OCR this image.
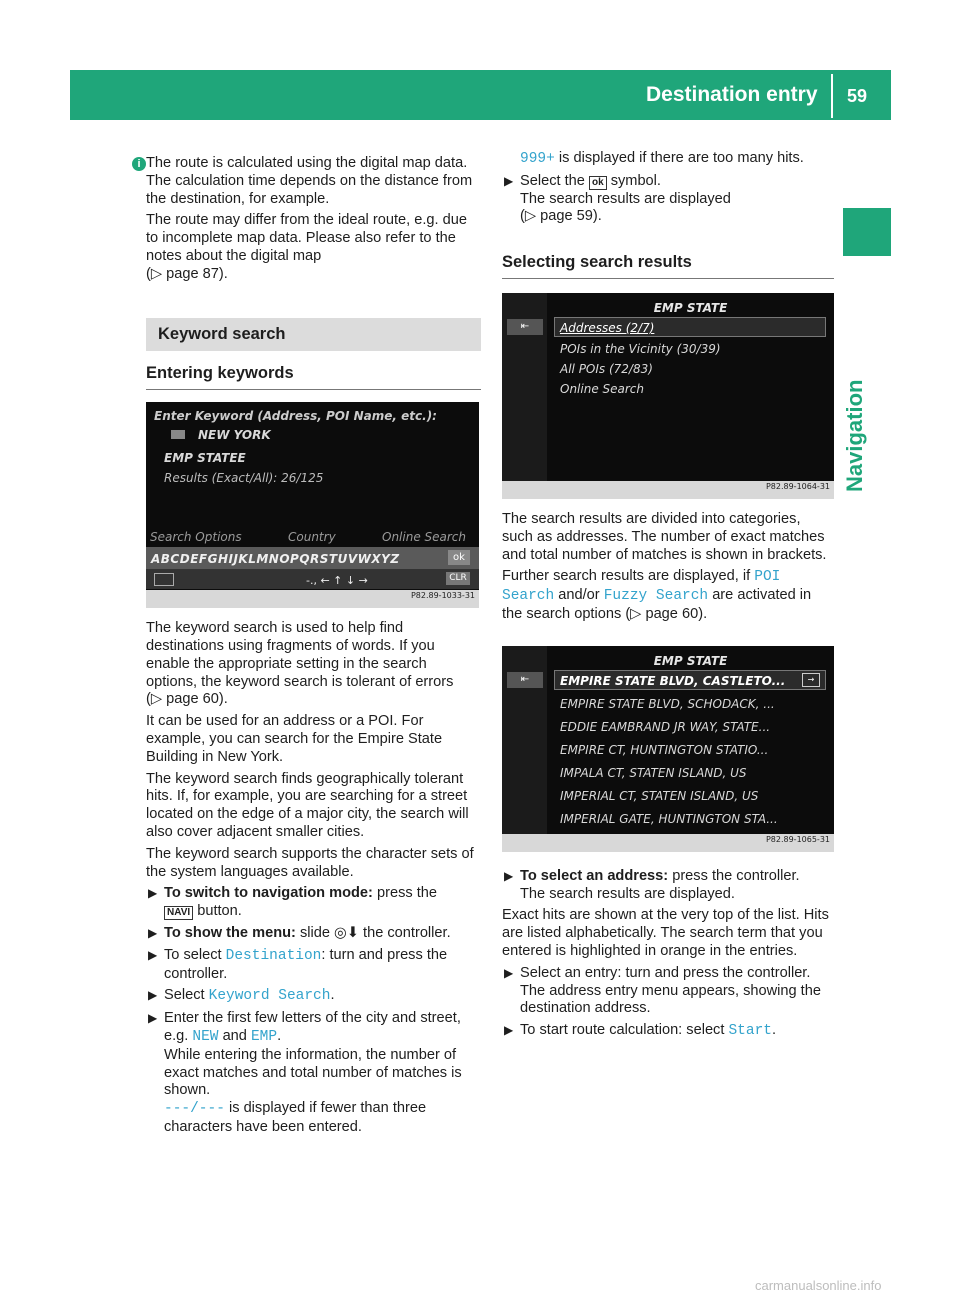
Destination entry 59
Navigation
i The route is calculated using the digital map data. The calculation time depends on the distance from the destination, for example.

The route may differ from the ideal route, e.g. due to incomplete map data. Please also refer to the notes about the digital map
(▷ page 87).

Keyword search
Entering keywords
Enter Keyword (Address, POI Name, etc.):
NEW YORK
EMP STATEE
Results (Exact/All): 26/125
Search Options	Country	Online Search
ABCDEFGHIJKLMNOPQRSTUVWXYZ	ok
-., ← ↑ ↓ →	CLR
P82.89-1033-31

The keyword search is used to help find destinations using fragments of words. If you enable the appropriate setting in the search options, the keyword search is tolerant of errors
(▷ page 60).

It can be used for an address or a POI. For example, you can search for the Empire State Building in New York.

The keyword search finds geographically tolerant hits. If, for example, you are searching for a street located on the edge of a major city, the search will also cover adjacent smaller cities.

The keyword search supports the character sets of the system languages available.

▶ To switch to navigation mode: press the
NAVI button.
▶ To show the menu: slide ◎⬇ the controller.
▶ To select Destination: turn and press the controller.
▶ Select Keyword Search.
▶ Enter the first few letters of the city and street, e.g. NEW and EMP.
While entering the information, the number of exact matches and total number of matches is shown.
---/--- is displayed if fewer than three characters have been entered.

999+ is displayed if there are too many hits.

▶ Select the ok symbol.
The search results are displayed
(▷ page 59).
Selecting search results
⇤
EMP STATE
Addresses (2/7)
POIs in the Vicinity (30/39)
All POIs (72/83)
Online Search
P82.89-1064-31

The search results are divided into categories, such as addresses. The number of exact matches and total number of matches is shown in brackets.

Further search results are displayed, if POI Search and/or Fuzzy Search are activated in the search options (▷ page 60).

⇤
EMP STATE
EMPIRE STATE BLVD, CASTLETO...
EMPIRE STATE BLVD, SCHODACK, ...
EDDIE EAMBRAND JR WAY, STATE...
EMPIRE CT, HUNTINGTON STATIO...
IMPALA CT, STATEN ISLAND, US
IMPERIAL CT, STATEN ISLAND, US
IMPERIAL GATE, HUNTINGTON STA...
→
P82.89-1065-31
▶ To select an address: press the controller.
The search results are displayed.

Exact hits are shown at the very top of the list. Hits are listed alphabetically. The search term that you entered is highlighted in orange in the entries.

▶ Select an entry: turn and press the controller.
The address entry menu appears, showing the destination address.
▶ To start route calculation: select Start.
carmanualsonline.info
